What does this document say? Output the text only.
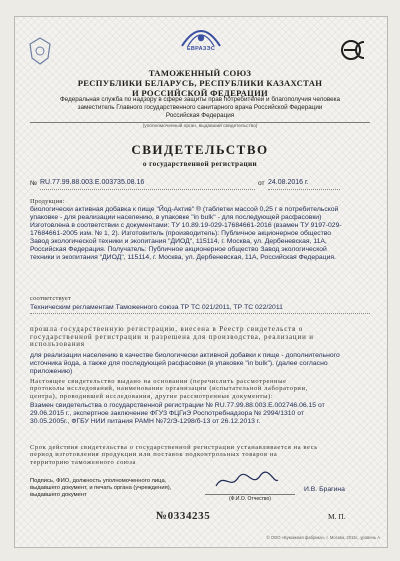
ЕВРАЗЭС
ТАМОЖЕННЫЙ СОЮЗ
РЕСПУБЛИКИ БЕЛАРУСЬ, РЕСПУБЛИКИ КАЗАХСТАН
И РОССИЙСКОЙ ФЕДЕРАЦИИ
Федеральная служба по надзору в сфере защиты прав потребителей и благополучия человека
заместитель Главного государственного санитарного врача Российской Федерации
Российская Федерация
(уполномоченный орган, выдавший свидетельство)
СВИДЕТЕЛЬСТВО
о государственной регистрации
№ RU.77.99.88.003.E.003735.08.16	от 24.08.2016 г.
Продукция:
биологически активная добавка к пище "Йод-Актив" ® (таблетки массой 0,25 г в потребительской
упаковке - для реализации населению, в упаковке "in bulk" - для последующей расфасовки)
Изготовлена в соответствии с документами: ТУ 10.89.19-029-17684661-2016 (взамен ТУ 9197-029-
17684661-2005 изм. № 1, 2). Изготовитель (производитель): Публичное акционерное общество
Завод экологической техники и экопитания "ДИОД", 115114, г. Москва, ул. Дербеневская, 11А,
Российская Федерация. Получатель: Публичное акционерное общество Завод экологической
техники и экопитания "ДИОД", 115114, г. Москва, ул. Дербеневская, 11А, Российская Федерация.
соответствует
Техническим регламентам Таможенного союза ТР ТС 021/2011, ТР ТС 022/2011
прошла государственную регистрацию, внесена в Реестр свидетельств о
государственной регистрации и разрешена для производства, реализации и
использования
для реализации населению в качестве биологически активной добавки к пище - дополнительного
источника йода, а также для последующей расфасовки (в упаковке "in bulk"). (далее согласно
приложению)
Настоящее свидетельство выдано на основании (перечислить рассмотренные
протоколы исследований, наименование организации (испытательной лаборатории,
центра), проводившей исследования, другие рассмотренные документы):
Взамен свидетельства о государственной регистрации № RU.77.99.88.003.E.002746.06.15 от
29.06.2015 г., экспертное заключение ФГУЗ ФЦГиЭ Роспотребнадзора № 2994/1310 от
30.05.2005г., ФГБУ НИИ питания РАМН №72/Э-1298/б-13 от 26.12.2013 г.
Срок действия свидетельства о государственной регистрации устанавливается на весь
период изготовления продукции или поставок подконтрольных товаров на
территорию таможенного союза
Подпись, ФИО, должность уполномоченного лица,
выдавшего документ, и печать органа (учреждения),
выдавшего документ
(Ф.И.О. Отчество)
И.В. Брагина
№0334235	М. П.
© ООО «Бумажная фабрика», г. Москва, 2015г., уровень А
